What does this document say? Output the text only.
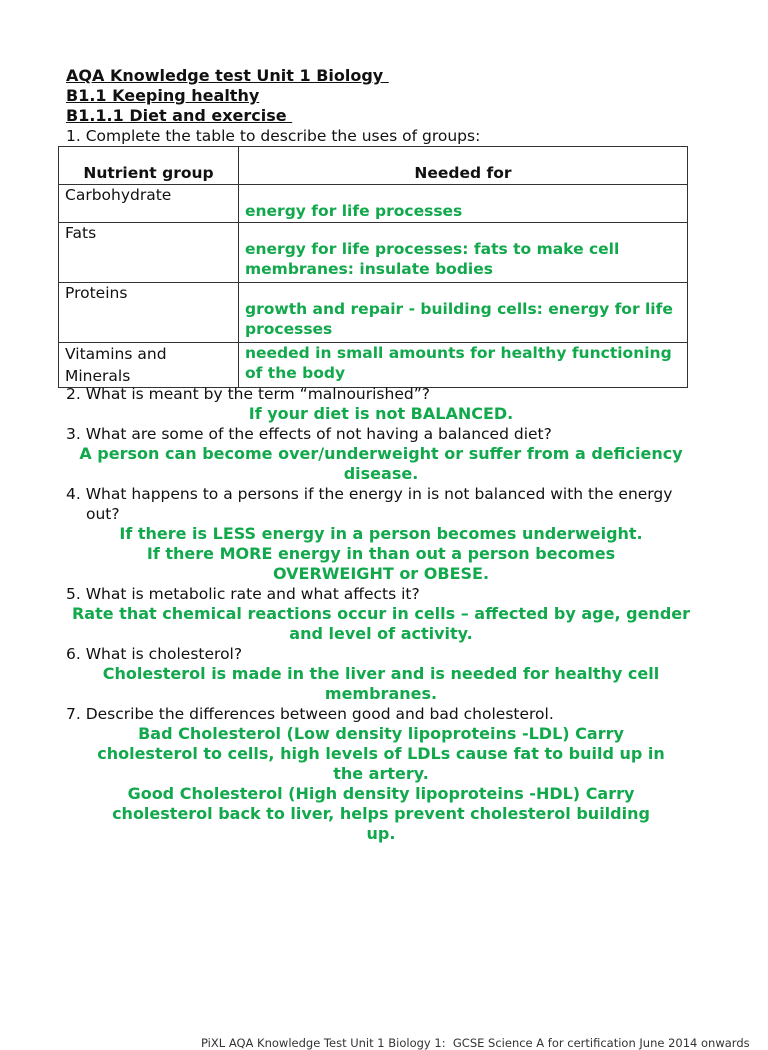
AQA Knowledge test Unit 1 Biology

B1.1 Keeping healthy

B1.1.1 Diet and exercise

1. Complete the table to describe the uses of groups:

Nutrient group	Needed for
Carbohydrate	energy for life processes
Fats	energy for life processes: fats to make cell membranes: insulate bodies
Proteins	growth and repair - building cells: energy for life processes
Vitamins and Minerals	needed in small amounts for healthy functioning of the body

2. What is meant by the term “malnourished”?

If your diet is not BALANCED.

3. What are some of the effects of not having a balanced diet?

A person can become over/underweight or suffer from a deficiency disease.

4. What happens to a persons if the energy in is not balanced with the energy out?

If there is LESS energy in a person becomes underweight.

If there MORE energy in than out a person becomes OVERWEIGHT or OBESE.

5. What is metabolic rate and what affects it?

Rate that chemical reactions occur in cells – affected by age, gender and level of activity.

6. What is cholesterol?

Cholesterol is made in the liver and is needed for healthy cell membranes.

7. Describe the differences between good and bad cholesterol.

Bad Cholesterol (Low density lipoproteins -LDL) Carry cholesterol to cells, high levels of LDLs cause fat to build up in the artery.

Good Cholesterol (High density lipoproteins -HDL) Carry cholesterol back to liver, helps prevent cholesterol building up.

PiXL AQA Knowledge Test Unit 1 Biology 1:  GCSE Science A for certification June 2014 onwards
